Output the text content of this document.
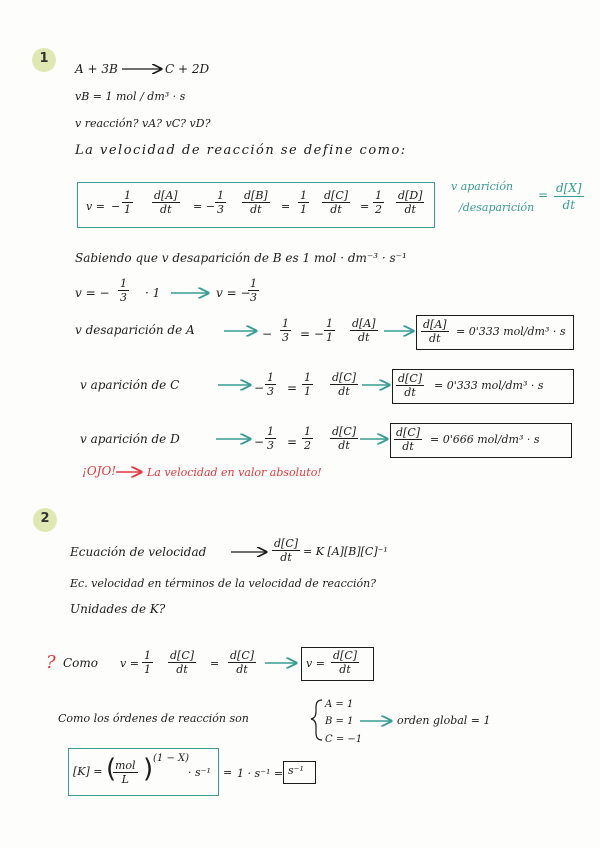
1
A + 3B	C + 2D
vB = 1 mol / dm³ · s
v reacción? vA? vC? vD?
La velocidad de reacción se define como:
v = − $\frac{1}{1} \frac{d[A]}{dt}$ = − $\frac{1}{3} \frac{d[B]}{dt} = \frac{1}{1} \frac{d[C]}{dt} = \frac{1}{2} \frac{d[D]}{dt}$
v aparición
/desaparición
= $\frac{d[X]}{dt}$
Sabiendo que v desaparición de B es 1 mol · dm⁻³ · s⁻¹
v = − $\frac{1}{3} \cdot 1$	v = −
$\frac{1}{3}$
v desaparición de A	− $\frac{1}{3}$ = − $\frac{1}{1} \frac{d[A]}{dt}$	$\frac{d[A]}{dt} = 0'333$ mol/dm³ · s
v aparición de C	− $\frac{1}{3} = \frac{1}{1} \frac{d[C]}{dt}$	$\frac{d[C]}{dt} = 0'333$ mol/dm³ · s
v aparición de D	− $\frac{1}{3} = \frac{1}{2} \frac{d[C]}{dt}$	$\frac{d[C]}{dt} = 0'666$ mol/dm³ · s
¡OJO!	La velocidad en valor absoluto!
2
Ecuación de velocidad	$\frac{d[C]}{dt} = K$ [A][B][C]⁻¹
Ec. velocidad en términos de la velocidad de reacción?
Unidades de K?
? Como $v = \frac{1}{1} \frac{d[C]}{dt} = \frac{d[C]}{dt}$	$v = \frac{d[C]}{dt}$
Como los órdenes de reacción son
A = 1
B = 1
C = −1
orden global = 1
[K] = (
mol
L ) (1 − X)
· s⁻¹ = 1 · s⁻¹ = s⁻¹
